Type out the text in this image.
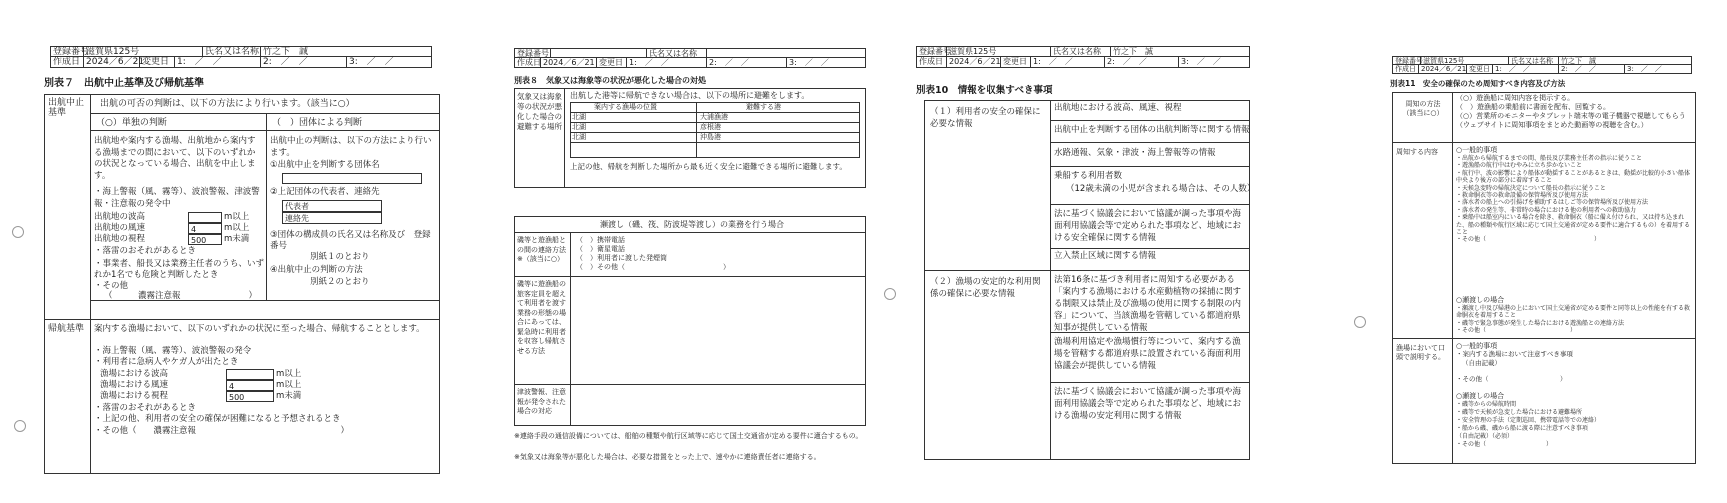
登録番号
滋賀県125号	氏名又は名称 竹之下　誠
作成日 2024／6／21
変更日 1:　／　／	2:　／　／	3:　／　／
別表７　出航中止基準及び帰航基準
出航中止
基準
出航の可否の判断は、以下の方法により行います。（該当に○）
（○）単独の判断	（　）団体による判断
出航地や案内する漁場、出航地から案内する漁場までの間において、以下のいずれかの状況となっている場合、出航を中止します。
・海上警報（風、霧等）、波浪警報、津波警報・注意報の発令中
出航地の波高	m以上
出航地の風速	4	m以上
出航地の視程	500	m未満
・落雷のおそれがあるとき
・事業者、船長又は業務主任者のうち、いずれか1名でも危険と判断したとき
・その他
（　　　濃霧注意報　　　　　　　　）
出航中止の判断は、以下の方法により行います。
①出航中止を判断する団体名
②上記団体の代表者、連絡先
代表者
連絡先
③団体の構成員の氏名又は名称及び　登録番号
別紙１のとおり
④出航中止の判断の方法
別紙２のとおり
帰航基準 案内する漁場において、以下のいずれかの状況に至った場合、帰航することとします。
・海上警報（風、霧等）、波浪警報の発令
・利用者に急病人やケガ人が出たとき
漁場における波高	m以上
漁場における風速	4	m以上
漁場における視程	500	m未満
・落雷のおそれがあるとき
・上記の他、利用者の安全の確保が困難になると予想されるとき
・その他（　　濃霧注意報　　　　　　　　　　　　　　　　　）
登録番号	氏名又は名称
作成日 2024／6／21 変更日 1:　／　／	2:　／　／	3:　／　／
別表８　気象又は海象等の状況が悪化した場合の対処
気象又は海象等の状況が悪化した場合の避難する場所
出航した港等に帰航できない場合は、以下の場所に避難をします。
案内する漁場の位置	避難する港
北湖	大浦漁港
北湖	彦根港
北湖	沖島港
上記の他、帰航を判断した場所から最も近く安全に避難できる場所に避難します。
瀬渡し（磯、筏、防波堤等渡し）の業務を行う場合
磯等と遊漁船との間の連絡方法※（該当に○）
（　）携帯電話
（　）衛星電話
（　）利用者に渡した発煙筒
（　）その他（　　　　　　　　　　　　　　）
磯等に遊漁船の旅客定員を超えて利用者を渡す業務の形態の場合にあっては、緊急時に利用者を収容し帰航させる方法
津波警報、注意報が発令された場合の対応
※連絡手段の通信設備については、船舶の種類や航行区域等に応じて国土交通省が定める要件に適合するもの。
※気象又は海象等が悪化した場合は、必要な措置をとった上で、速やかに連絡責任者に連絡する。
登録番号
滋賀県125号	氏名又は名称	竹之下　誠
作成日 2024／6／21 変更日 1:　／　／	2:　／　／	3:　／　／
別表10　情報を収集すべき事項
（１）利用者の安全の確保に必要な情報
出航地における波高、風速、視程
出航中止を判断する団体の出航判断等に関する情報
水路通報、気象・津波・海上警報等の情報
乗船する利用者数
（12歳未満の小児が含まれる場合は、その人数）
法に基づく協議会において協議が調った事項や海面利用協議会等で定められた事項など、地域における安全確保に関する情報
立入禁止区域に関する情報
（２）漁場の安定的な利用関係の確保に必要な情報
法第16条に基づき利用者に周知する必要がある「案内する漁場における水産動植物の採捕に関する制限又は禁止及び漁場の使用に関する制限の内容」について、当該漁場を管轄している都道府県知事が提供している情報
漁場利用協定や漁場慣行等について、案内する漁場を管轄する都道府県に設置されている海面利用協議会が提供している情報
法に基づく協議会において協議が調った事項や海面利用協議会等で定められた事項など、地域における漁場の安定利用に関する情報
登録番号 滋賀県125号	氏名又は名称	竹之下　誠
作成日 2024／6／21 変更日 1:　／　／	2:　／　／	3:　／　／
別表11　安全の確保のため周知すべき内容及び方法
周知の方法
（該当に○）
（○）遊漁船に周知内容を掲示する。
（　）遊漁船の乗船前に書面を配布、回覧する。
（○）営業所のモニターやタブレット端末等の電子機器で視聴してもらう（ウェブサイトに周知事項をまとめた動画等の視聴を含む。）
周知する内容	○一般的事項
・出航から帰航するまでの間、船長及び業務主任者の指示に従うこと
・遊漁船の航行中はむやみに立ち歩かないこと
・航行中、波の影響により船体が動揺することがあるときは、動揺が比較的小さい船体中央より後方の部分に着席すること
・天候急変時の帰航決定について船長の指示に従うこと
・救命胴衣等の救命設備の保管場所及び使用方法
・落水者の船上への引揚げを補助するはしご等の保管場所及び使用方法
・落水者の発生等、非常時の場合における他の利用者への救助協力
・乗船中は船室内にいる場合を除き、救命胴衣（船に備え付けられ、又は持ち込まれた、船の種類や航行区域に応じて国土交通省が定める要件に適合するもの）を着用すること
・その他（　　　　　　　　　　　　　　　　　　）
○瀬渡しの場合
・瀬渡し中及び帰港の上において国土交通省が定める要件と同等以上の性能を有する救命胴衣を着用すること
・磯等で緊急事態が発生した場合における遊漁船との連絡方法
・その他（　　　　　　　　　　　　　　）
漁場において口頭で説明する。
○一般的事項
・案内する漁場において注意すべき事項
（自由記載）
・その他（　　　　　　　　　　　）
○瀬渡しの場合
・磯等からの帰航時間
・磯等で天候が急変した場合における避難場所
・安全管理の手法（定期巡回、携帯電話等での連絡）
・船から磯、磯から船に渡る際に注意すべき事項
（自由記載）（必須）
・その他（　　　　　　　　　　）
